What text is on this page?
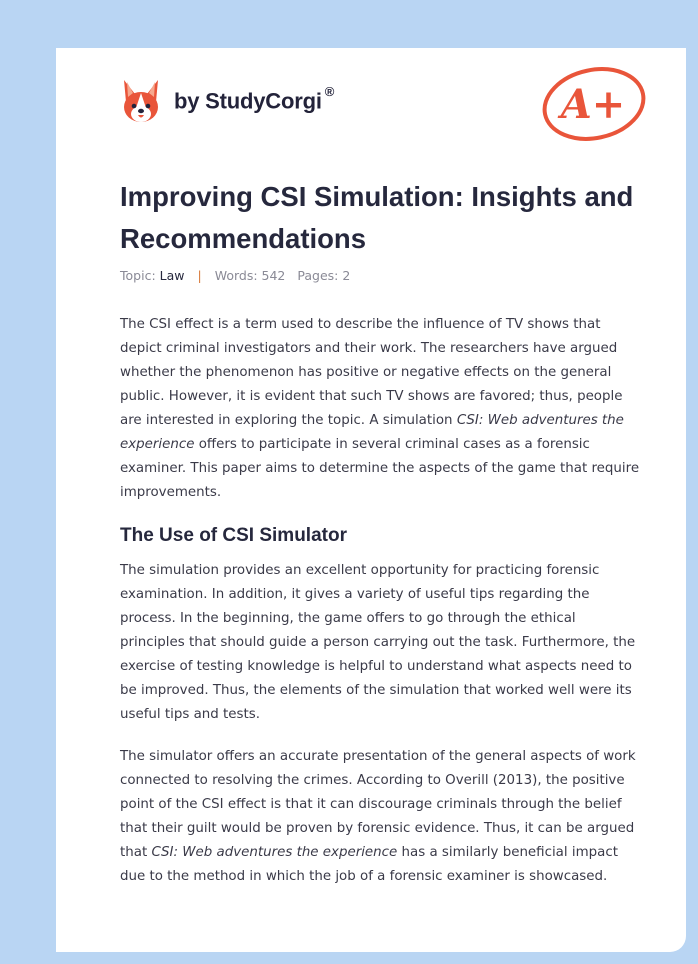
by StudyCorgi ®	A+
Improving CSI Simulation: Insights and Recommendations

Topic: Law | Words: 542 Pages: 2

The CSI effect is a term used to describe the influence of TV shows that depict criminal investigators and their work. The researchers have argued whether the phenomenon has positive or negative effects on the general public. However, it is evident that such TV shows are favored; thus, people are interested in exploring the topic. A simulation CSI: Web adventures the experience offers to participate in several criminal cases as a forensic examiner. This paper aims to determine the aspects of the game that require improvements.

The Use of CSI Simulator

The simulation provides an excellent opportunity for practicing forensic examination. In addition, it gives a variety of useful tips regarding the process. In the beginning, the game offers to go through the ethical principles that should guide a person carrying out the task. Furthermore, the exercise of testing knowledge is helpful to understand what aspects need to be improved. Thus, the elements of the simulation that worked well were its useful tips and tests.

The simulator offers an accurate presentation of the general aspects of work connected to resolving the crimes. According to Overill (2013), the positive point of the CSI effect is that it can discourage criminals through the belief that their guilt would be proven by forensic evidence. Thus, it can be argued that CSI: Web adventures the experience has a similarly beneficial impact due to the method in which the job of a forensic examiner is showcased.
